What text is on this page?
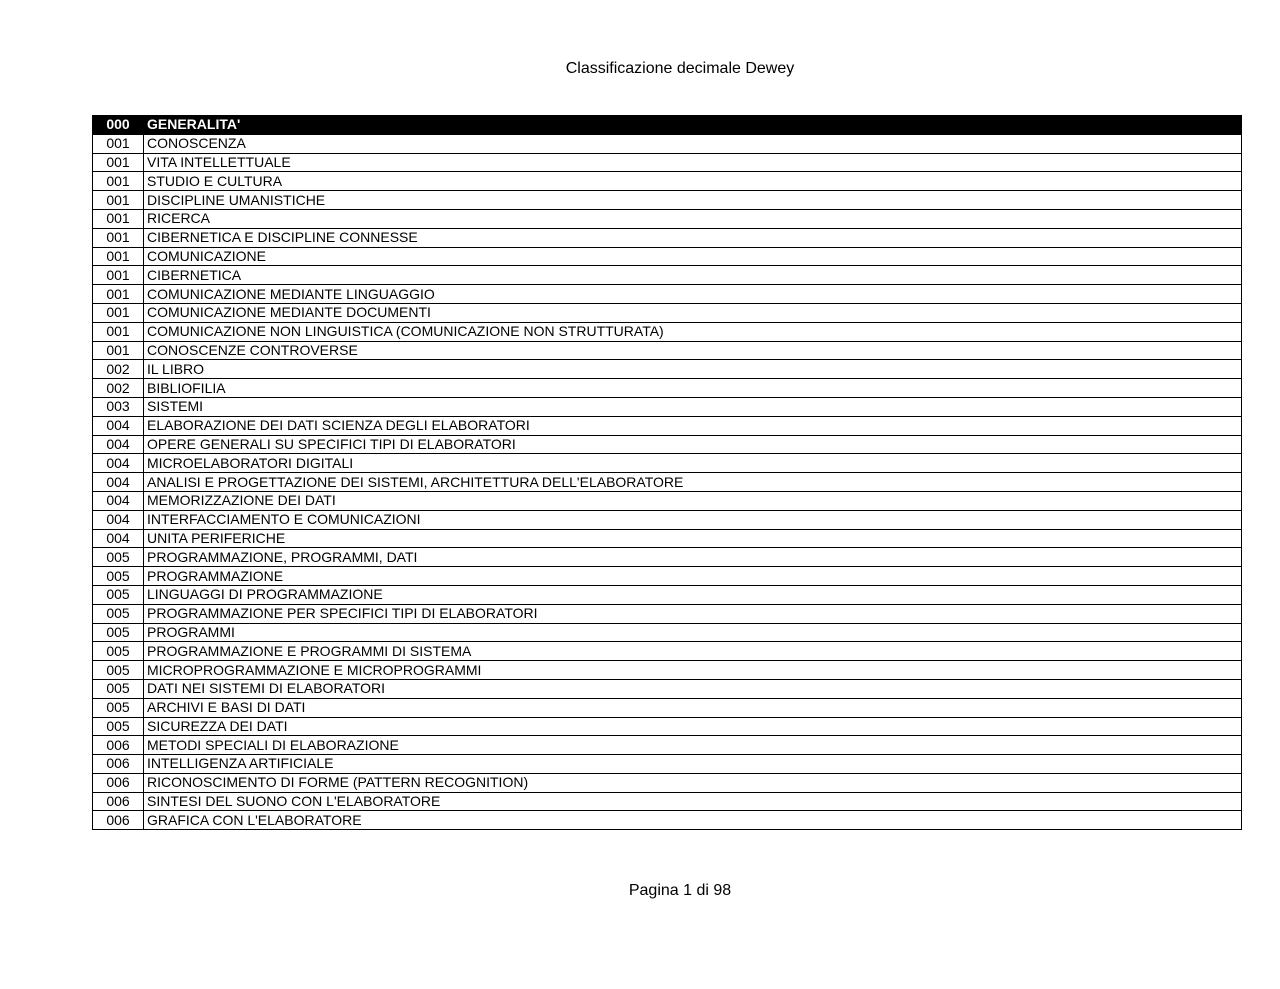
Classificazione decimale Dewey
000	GENERALITA'
001	CONOSCENZA
001	VITA INTELLETTUALE
001	STUDIO E CULTURA
001	DISCIPLINE UMANISTICHE
001	RICERCA
001	CIBERNETICA E DISCIPLINE CONNESSE
001	COMUNICAZIONE
001	CIBERNETICA
001	COMUNICAZIONE MEDIANTE LINGUAGGIO
001	COMUNICAZIONE MEDIANTE DOCUMENTI
001	COMUNICAZIONE NON LINGUISTICA (COMUNICAZIONE NON STRUTTURATA)
001	CONOSCENZE CONTROVERSE
002	IL LIBRO
002	BIBLIOFILIA
003	SISTEMI
004	ELABORAZIONE DEI DATI SCIENZA DEGLI ELABORATORI
004	OPERE GENERALI SU SPECIFICI TIPI DI ELABORATORI
004	MICROELABORATORI DIGITALI
004	ANALISI E PROGETTAZIONE DEI SISTEMI, ARCHITETTURA DELL'ELABORATORE
004	MEMORIZZAZIONE DEI DATI
004	INTERFACCIAMENTO E COMUNICAZIONI
004	UNITA PERIFERICHE
005	PROGRAMMAZIONE, PROGRAMMI, DATI
005	PROGRAMMAZIONE
005	LINGUAGGI DI PROGRAMMAZIONE
005	PROGRAMMAZIONE PER SPECIFICI TIPI DI ELABORATORI
005	PROGRAMMI
005	PROGRAMMAZIONE E PROGRAMMI DI SISTEMA
005	MICROPROGRAMMAZIONE E MICROPROGRAMMI
005	DATI NEI SISTEMI DI ELABORATORI
005	ARCHIVI E BASI DI DATI
005	SICUREZZA DEI DATI
006	METODI SPECIALI DI ELABORAZIONE
006	INTELLIGENZA ARTIFICIALE
006	RICONOSCIMENTO DI FORME (PATTERN RECOGNITION)
006	SINTESI DEL SUONO CON L'ELABORATORE
006	GRAFICA CON L'ELABORATORE
Pagina 1 di 98
